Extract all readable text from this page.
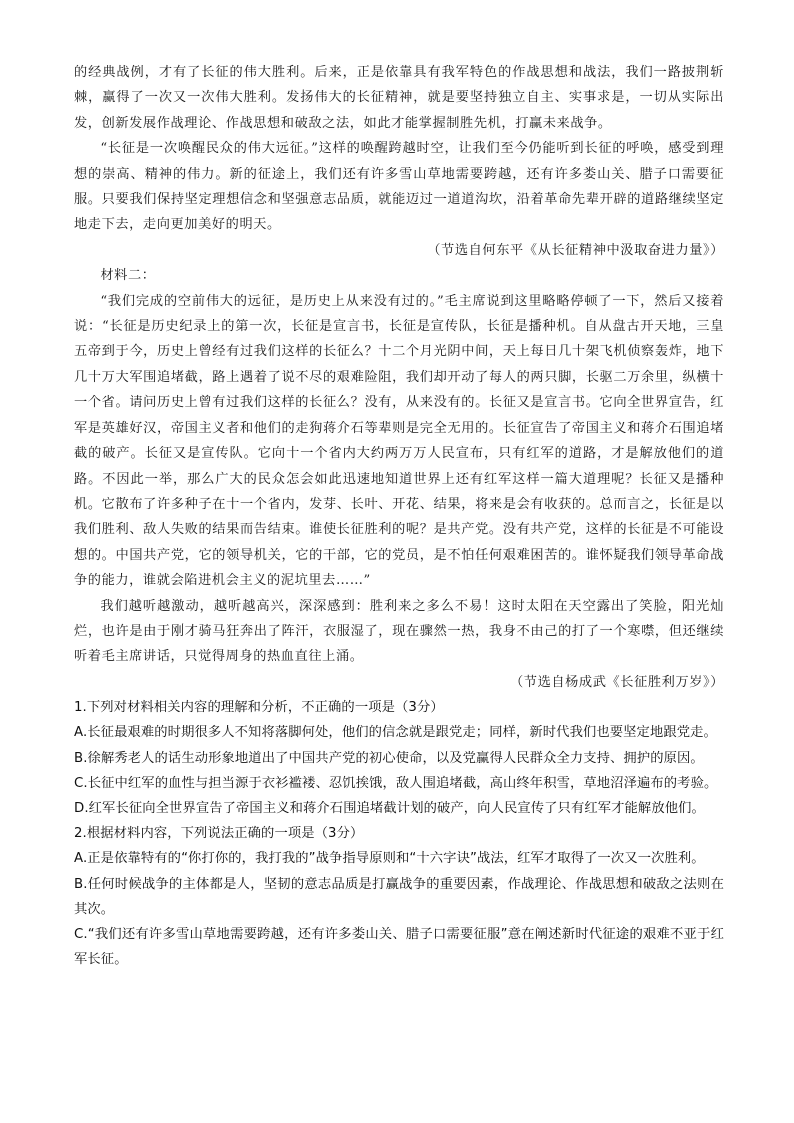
的经典战例，才有了长征的伟大胜利。后来，正是依靠具有我军特色的作战思想和战法，我们一路披荆斩棘，赢得了一次又一次伟大胜利。发扬伟大的长征精神，就是要坚持独立自主、实事求是，一切从实际出发，创新发展作战理论、作战思想和破敌之法，如此才能掌握制胜先机，打赢未来战争。

“长征是一次唤醒民众的伟大远征。”这样的唤醒跨越时空，让我们至今仍能听到长征的呼唤，感受到理想的崇高、精神的伟力。新的征途上，我们还有许多雪山草地需要跨越，还有许多娄山关、腊子口需要征服。只要我们保持坚定理想信念和坚强意志品质，就能迈过一道道沟坎，沿着革命先辈开辟的道路继续坚定地走下去，走向更加美好的明天。

（节选自何东平《从长征精神中汲取奋进力量》）

材料二：

“我们完成的空前伟大的远征，是历史上从来没有过的。”毛主席说到这里略略停顿了一下，然后又接着说：“长征是历史纪录上的第一次，长征是宣言书，长征是宣传队，长征是播种机。自从盘古开天地，三皇五帝到于今，历史上曾经有过我们这样的长征么？十二个月光阴中间，天上每日几十架飞机侦察轰炸，地下几十万大军围追堵截，路上遇着了说不尽的艰难险阻，我们却开动了每人的两只脚，长驱二万余里，纵横十一个省。请问历史上曾有过我们这样的长征么？没有，从来没有的。长征又是宣言书。它向全世界宣告，红军是英雄好汉，帝国主义者和他们的走狗蒋介石等辈则是完全无用的。长征宣告了帝国主义和蒋介石围追堵截的破产。长征又是宣传队。它向十一个省内大约两万万人民宣布，只有红军的道路，才是解放他们的道路。不因此一举，那么广大的民众怎会如此迅速地知道世界上还有红军这样一篇大道理呢？长征又是播种机。它散布了许多种子在十一个省内，发芽、长叶、开花、结果，将来是会有收获的。总而言之，长征是以我们胜利、敌人失败的结果而告结束。谁使长征胜利的呢？是共产党。没有共产党，这样的长征是不可能设想的。中国共产党，它的领导机关，它的干部，它的党员，是不怕任何艰难困苦的。谁怀疑我们领导革命战争的能力，谁就会陷进机会主义的泥坑里去……”

我们越听越激动，越听越高兴，深深感到：胜利来之多么不易！这时太阳在天空露出了笑脸，阳光灿烂，也许是由于刚才骑马狂奔出了阵汗，衣服湿了，现在骤然一热，我身不由己的打了一个寒噤，但还继续听着毛主席讲话，只觉得周身的热血直往上涌。

（节选自杨成武《长征胜利万岁》）

1.下列对材料相关内容的理解和分析，不正确的一项是（3分）

A.长征最艰难的时期很多人不知将落脚何处，他们的信念就是跟党走；同样，新时代我们也要坚定地跟党走。

B.徐解秀老人的话生动形象地道出了中国共产党的初心使命，以及党赢得人民群众全力支持、拥护的原因。

C.长征中红军的血性与担当源于衣衫褴褛、忍饥挨饿，敌人围追堵截，高山终年积雪，草地沼泽遍布的考验。

D.红军长征向全世界宣告了帝国主义和蒋介石围追堵截计划的破产，向人民宣传了只有红军才能解放他们。

2.根据材料内容，下列说法正确的一项是（3分）

A.正是依靠特有的“你打你的，我打我的”战争指导原则和“十六字诀”战法，红军才取得了一次又一次胜利。

B.任何时候战争的主体都是人，坚韧的意志品质是打赢战争的重要因素，作战理论、作战思想和破敌之法则在其次。

C.“我们还有许多雪山草地需要跨越，还有许多娄山关、腊子口需要征服”意在阐述新时代征途的艰难不亚于红军长征。
